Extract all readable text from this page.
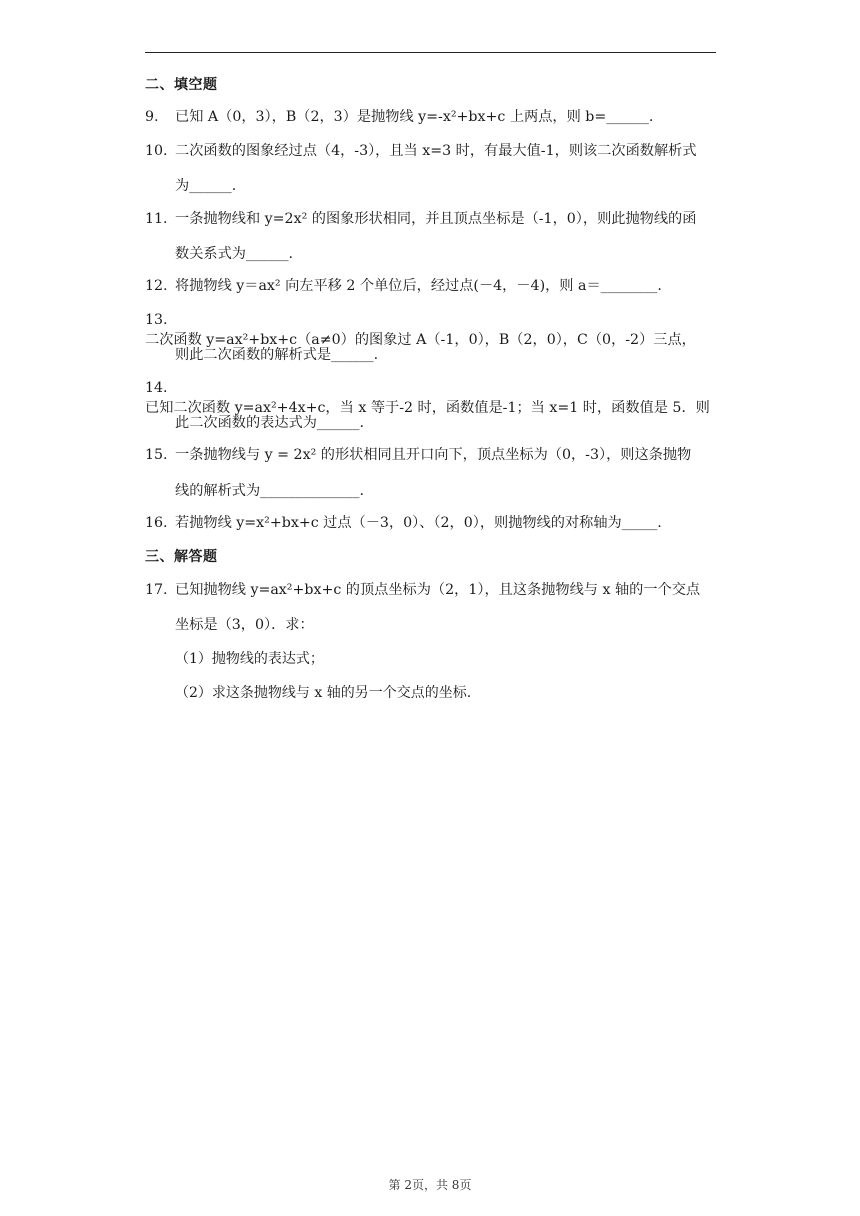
二、填空题
9. 已知 A（0，3），B（2，3）是抛物线 y=-x²+bx+c 上两点，则 b=______.
10. 二次函数的图象经过点（4，-3），且当 x=3 时，有最大值-1，则该二次函数解析式
为______.
11. 一条抛物线和 y=2x² 的图象形状相同，并且顶点坐标是（-1，0），则此抛物线的函
数关系式为______.
12. 将抛物线 y＝ax² 向左平移 2 个单位后，经过点(－4，－4)，则 a＝________.
13.二次函数 y=ax²+bx+c（a≠0）的图象过 A（-1，0），B（2，0），C（0，-2）三点，
则此二次函数的解析式是______.
14.已知二次函数 y=ax²+4x+c，当 x 等于-2 时，函数值是-1；当 x=1 时，函数值是 5．则
此二次函数的表达式为______.
15. 一条抛物线与 y = 2x² 的形状相同且开口向下，顶点坐标为（0，-3），则这条抛物
线的解析式为______________.
16. 若抛物线 y=x²+bx+c 过点（－3，0）、（2，0），则抛物线的对称轴为_____.
三、解答题
17. 已知抛物线 y=ax²+bx+c 的顶点坐标为（2，1），且这条抛物线与 x 轴的一个交点
坐标是（3，0）．求：
（1）抛物线的表达式；
（2）求这条抛物线与 x 轴的另一个交点的坐标.
第 2页，共 8页
